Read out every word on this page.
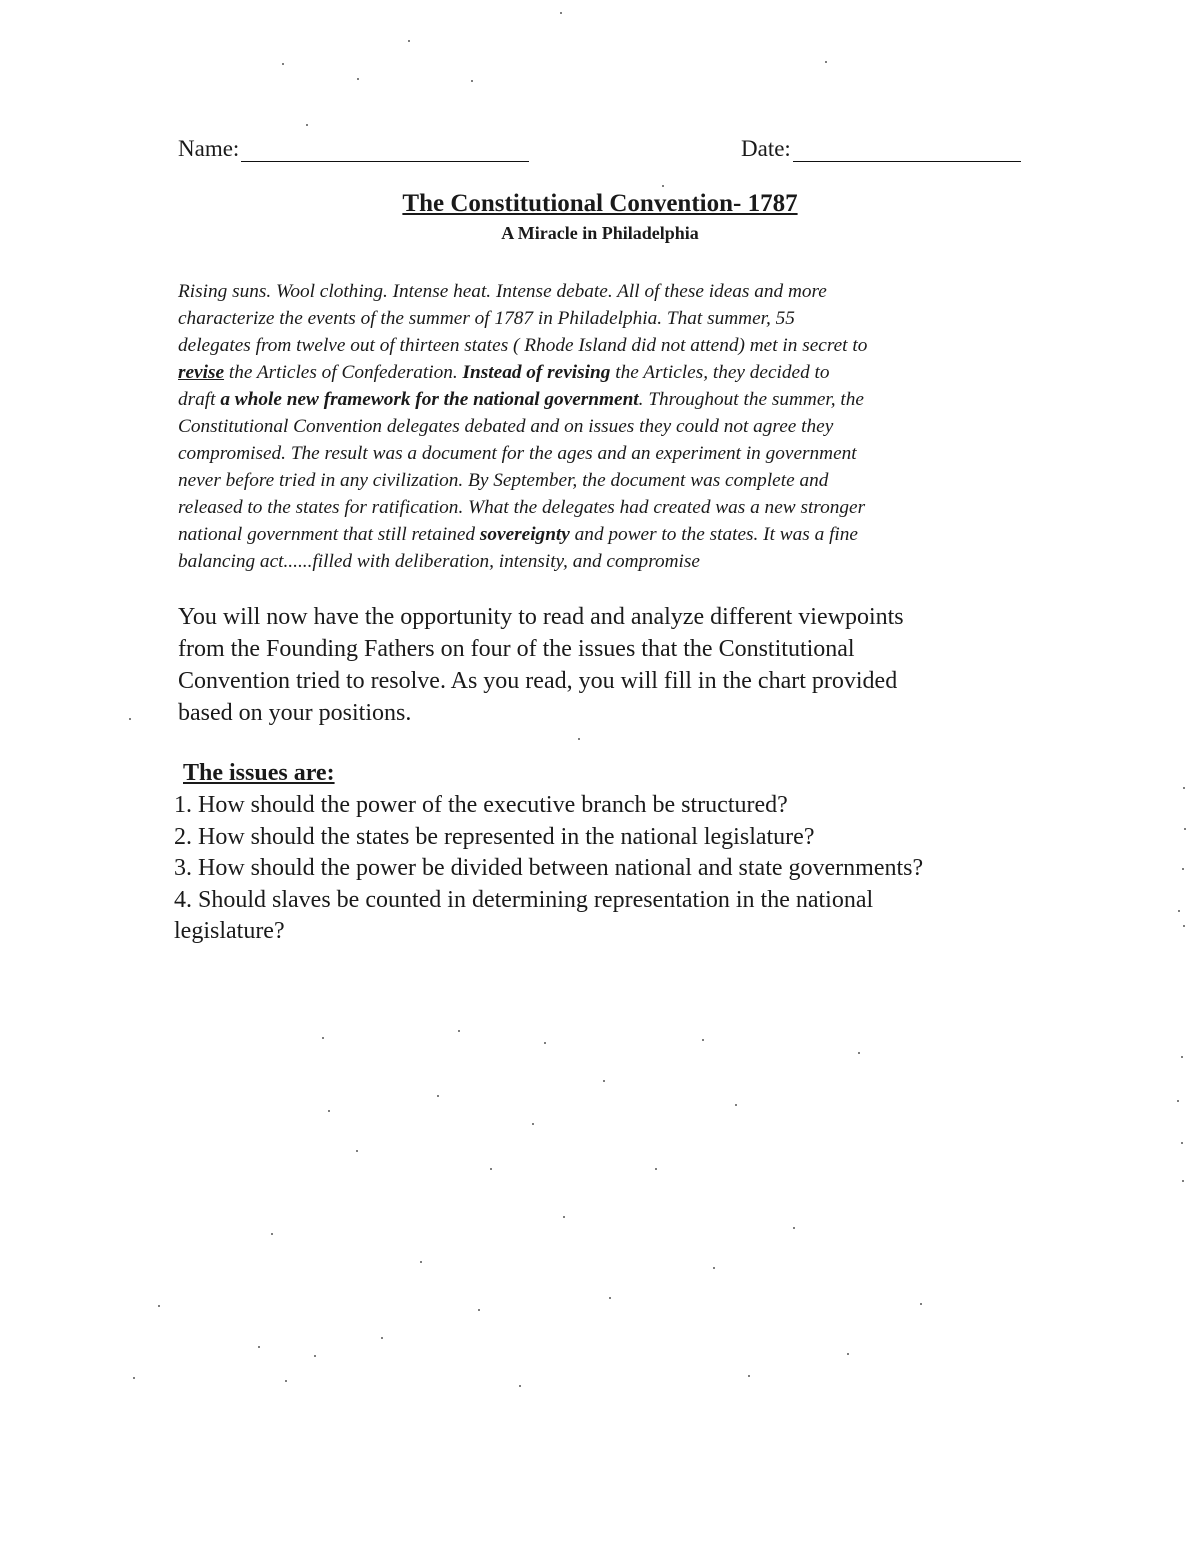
Name:	Date:
The Constitutional Convention- 1787
A Miracle in Philadelphia
Rising suns. Wool clothing. Intense heat. Intense debate. All of these ideas and more
characterize the events of the summer of 1787 in Philadelphia. That summer, 55
delegates from twelve out of thirteen states ( Rhode Island did not attend) met in secret to
revise the Articles of Confederation. Instead of revising the Articles, they decided to
draft a whole new framework for the national government. Throughout the summer, the
Constitutional Convention delegates debated and on issues they could not agree they
compromised. The result was a document for the ages and an experiment in government
never before tried in any civilization. By September, the document was complete and
released to the states for ratification. What the delegates had created was a new stronger
national government that still retained sovereignty and power to the states. It was a fine
balancing act......filled with deliberation, intensity, and compromise
You will now have the opportunity to read and analyze different viewpoints
from the Founding Fathers on four of the issues that the Constitutional
Convention tried to resolve. As you read, you will fill in the chart provided
based on your positions.
The issues are:
1. How should the power of the executive branch be structured?
2. How should the states be represented in the national legislature?
3. How should the power be divided between national and state governments?
4. Should slaves be counted in determining representation in the national
legislature?
